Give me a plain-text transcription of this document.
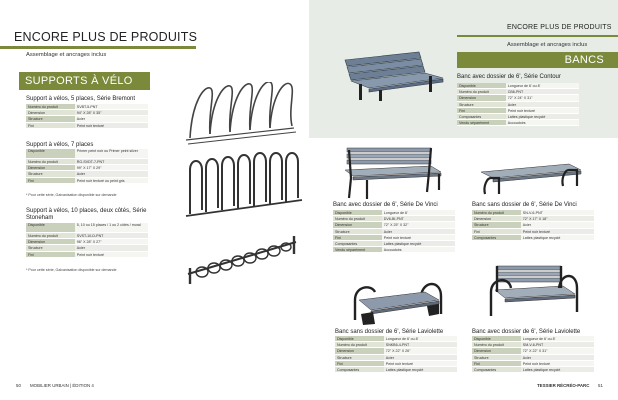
ENCORE PLUS DE PRODUITS
Assemblage et ancrages inclus
SUPPORTS À VÉLO
Support à vélos, 5 places, Série Bremont
Numéro du produit	SVBT-5-PNT
Dimension	94" X 28" X 35"
Structure	Acier
Fini	Peint noir texturé
Support à vélos, 7 places
Disponible	Primer peint noir ou Primer peint silver
Numéro du produit	RG-SVDT-7-PNT
Dimension	99" X 17" X 29"
Structure	Acier
Fini	Peint noir texturé ou peint gris
* Pour cette série, Galvanisation disponible sur demande
Support à vélos, 10 places, deux côtés, Série Stoneham
Disponible	5, 10 ou 15 places / 1 ou 2 côtés / mural
Numéro du produit	SVST-10-D-PNT
Dimension	96" X 28" X 27"
Structure	Acier
Fini	Peint noir texturé
* Pour cette série, Galvanisation disponible sur demande
50 MOBILIER URBAIN | ÉDITION 4
ENCORE PLUS DE PRODUITS
Assemblage et ancrages inclus
BANCS
Banc avec dossier de 6', Série Contour
Disponible	Longueur de 6' ou 8'
Numéro du produit	CB6-PNT
Dimension	72" X 24" X 31"
Structure	Acier
Fini	Peint noir texturé
Composantes	Lattes plastique recyclé
Vendu séparément	Accoudoirs
Banc avec dossier de 6', Série De Vinci
Disponible	Longueur de 6'
Numéro du produit	DV6-BI-PNT
Dimension	72" X 25" X 32"
Structure	Acier
Fini	Peint noir texturé
Composantes	Lattes plastique recyclé
Vendu séparément	Accoudoirs
Banc sans dossier de 6', Série De Vinci
Numéro du produit	SN-V-6-PNT
Dimension	72" X 17" X 18"
Structure	Acier
Fini	Peint noir texturé
Composantes	Lattes plastique recyclé
Banc sans dossier de 6', Série Laviolette
Disponible	Longueur de 6' ou 8'
Numéro du produit	SNKB6-4-PNT
Dimension	72" X 22" X 26"
Structure	Acier
Fini	Peint noir texturé
Composantes	Lattes plastique recyclé
Banc avec dossier de 6', Série Laviolette
Disponible	Longueur de 6' ou 8'
Numéro du produit	SM-V-6-PNT
Dimension	72" X 22" X 31"
Structure	Acier
Fini	Peint noir texturé
Composantes	Lattes plastique recyclé
TESSIER RÉCRÉO-PARC 51
